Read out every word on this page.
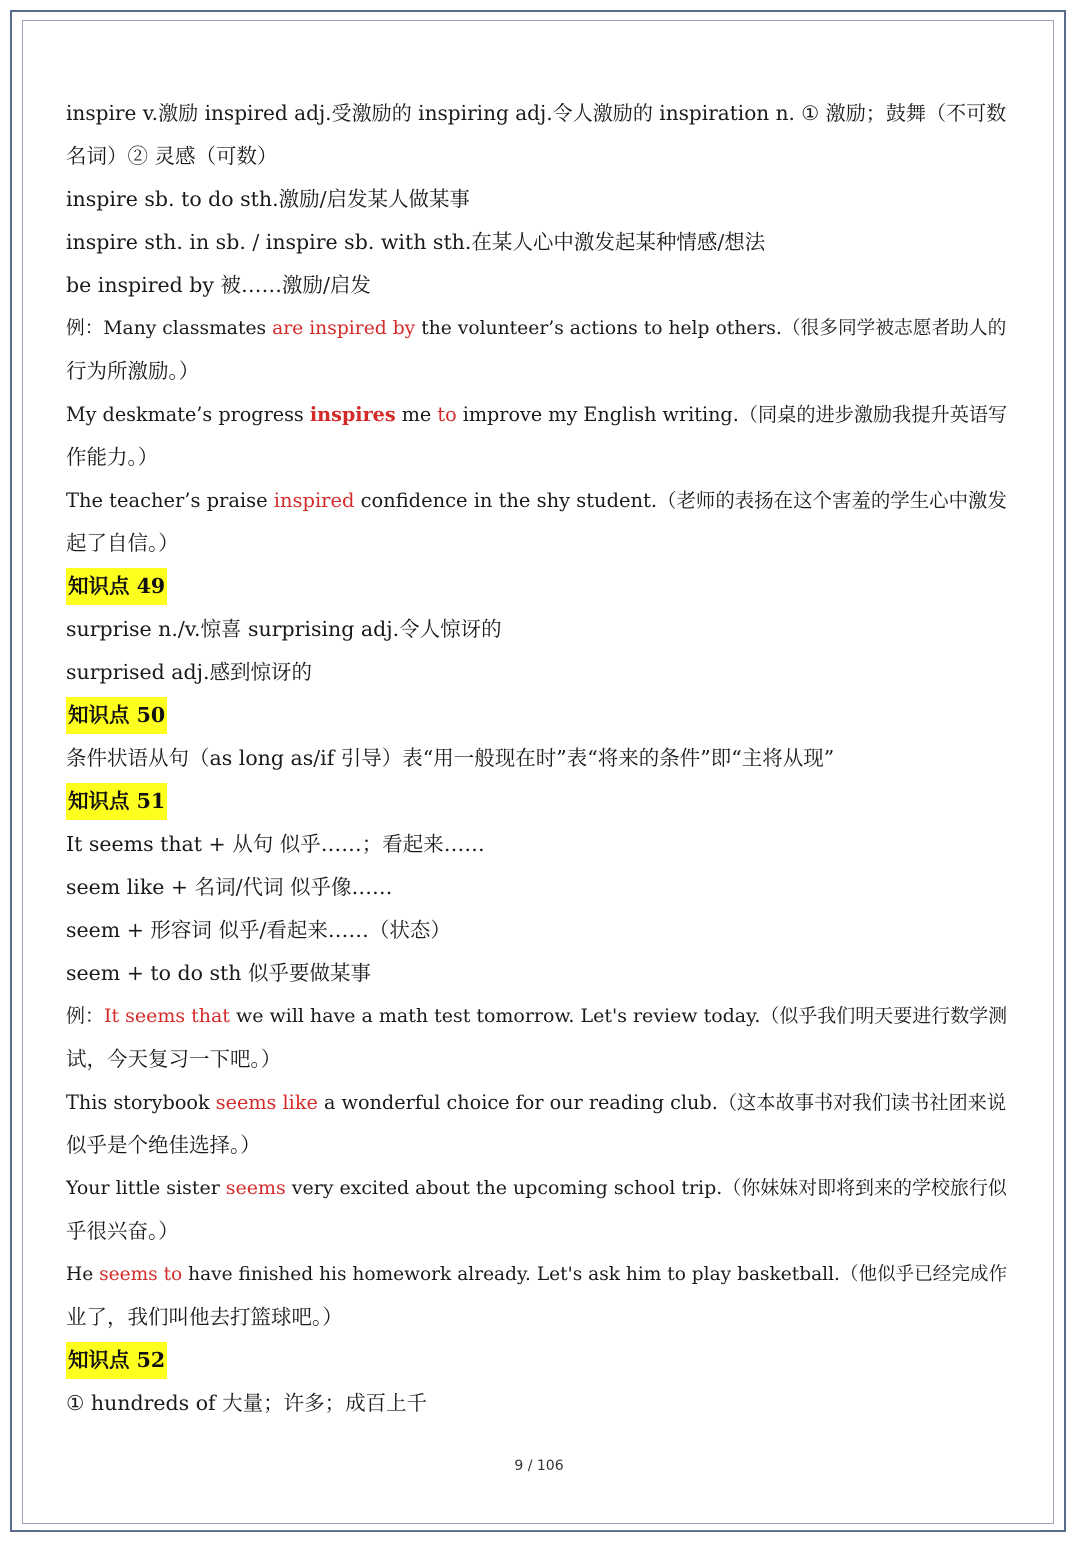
inspire v.激励 inspired adj.受激励的 inspiring adj.令人激励的 inspiration n. ① 激励；鼓舞（不可数
名词）② 灵感（可数）
inspire sb. to do sth.激励/启发某人做某事
inspire sth. in sb. / inspire sb. with sth.在某人心中激发起某种情感/想法
be inspired by 被……激励/启发
例：Many classmates are inspired by the volunteer’s actions to help others.（很多同学被志愿者助人的
行为所激励。）
My deskmate’s progress inspires me to improve my English writing.（同桌的进步激励我提升英语写
作能力。）
The teacher’s praise inspired confidence in the shy student.（老师的表扬在这个害羞的学生心中激发
起了自信。）
知识点 49
surprise n./v.惊喜 surprising adj.令人惊讶的
surprised adj.感到惊讶的
知识点 50
条件状语从句（as long as/if 引导）表“用一般现在时”表“将来的条件”即“主将从现”
知识点 51
It seems that + 从句 似乎……；看起来……
seem like + 名词/代词 似乎像……
seem + 形容词 似乎/看起来……（状态）
seem + to do sth 似乎要做某事
例：It seems that we will have a math test tomorrow. Let's review today.（似乎我们明天要进行数学测
试，今天复习一下吧。）
This storybook seems like a wonderful choice for our reading club.（这本故事书对我们读书社团来说
似乎是个绝佳选择。）
Your little sister seems very excited about the upcoming school trip.（你妹妹对即将到来的学校旅行似
乎很兴奋。）
He seems to have finished his homework already. Let's ask him to play basketball.（他似乎已经完成作
业了，我们叫他去打篮球吧。）
知识点 52
① hundreds of 大量；许多；成百上千
9 / 106
